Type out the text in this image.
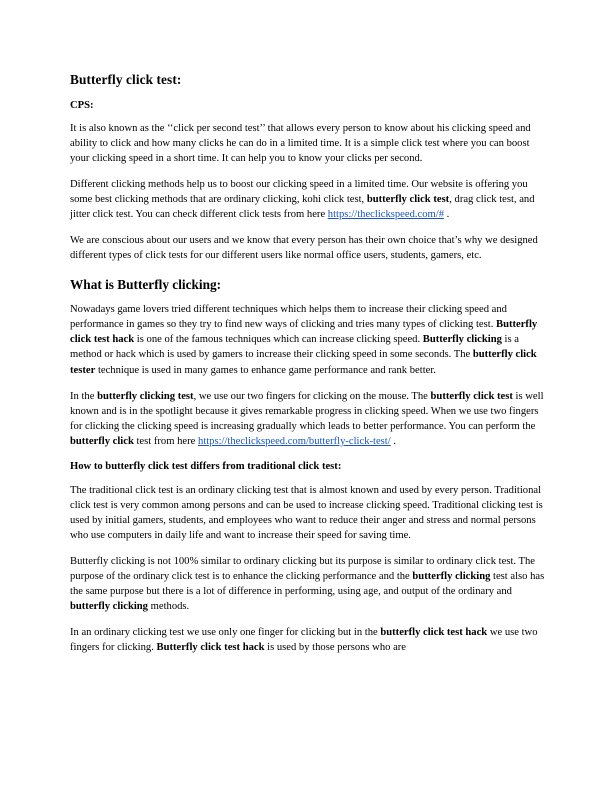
Butterfly click test:
CPS:

It is also known as the ‘‘click per second test’’ that allows every person to know about his clicking speed and ability to click and how many clicks he can do in a limited time. It is a simple click test where you can boost your clicking speed in a short time. It can help you to know your clicks per second.

Different clicking methods help us to boost our clicking speed in a limited time. Our website is offering you some best clicking methods that are ordinary clicking, kohi click test, butterfly click test, drag click test, and jitter click test. You can check different click tests from here https://theclickspeed.com/# .

We are conscious about our users and we know that every person has their own choice that’s why we designed different types of click tests for our different users like normal office users, students, gamers, etc.

What is Butterfly clicking:

Nowadays game lovers tried different techniques which helps them to increase their clicking speed and performance in games so they try to find new ways of clicking and tries many types of clicking test. Butterfly click test hack is one of the famous techniques which can increase clicking speed. Butterfly clicking is a method or hack which is used by gamers to increase their clicking speed in some seconds. The butterfly click tester technique is used in many games to enhance game performance and rank better.

In the butterfly clicking test, we use our two fingers for clicking on the mouse. The butterfly click test is well known and is in the spotlight because it gives remarkable progress in clicking speed. When we use two fingers for clicking the clicking speed is increasing gradually which leads to better performance. You can perform the butterfly click test from here https://theclickspeed.com/butterfly-click-test/ .

How to butterfly click test differs from traditional click test:

The traditional click test is an ordinary clicking test that is almost known and used by every person. Traditional click test is very common among persons and can be used to increase clicking speed. Traditional clicking test is used by initial gamers, students, and employees who want to reduce their anger and stress and normal persons who use computers in daily life and want to increase their speed for saving time.

Butterfly clicking is not 100% similar to ordinary clicking but its purpose is similar to ordinary click test. The purpose of the ordinary click test is to enhance the clicking performance and the butterfly clicking test also has the same purpose but there is a lot of difference in performing, using age, and output of the ordinary and butterfly clicking methods.

In an ordinary clicking test we use only one finger for clicking but in the butterfly click test hack we use two fingers for clicking. Butterfly click test hack is used by those persons who are
